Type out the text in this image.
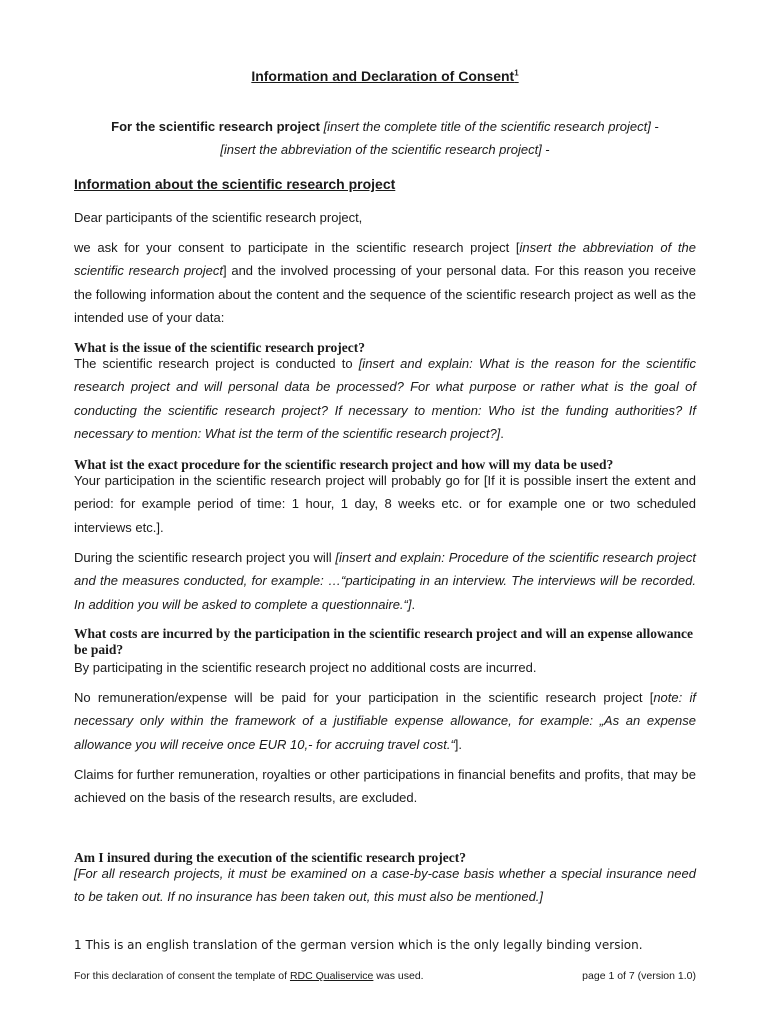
Information and Declaration of Consent$^1$
For the scientific research project [insert the complete title of the scientific research project] -
[insert the abbreviation of the scientific research project] -
Information about the scientific research project
Dear participants of the scientific research project,
we ask for your consent to participate in the scientific research project [insert the abbreviation of the scientific research project] and the involved processing of your personal data. For this reason you receive the following information about the content and the sequence of the scientific research project as well as the intended use of your data:
What is the issue of the scientific research project?
The scientific research project is conducted to [insert and explain: What is the reason for the scientific research project and will personal data be processed? For what purpose or rather what is the goal of conducting the scientific research project? If necessary to mention: Who ist the funding authorities? If necessary to mention: What ist the term of the scientific research project?].
What ist the exact procedure for the scientific research project and how will my data be used?
Your participation in the scientific research project will probably go for [If it is possible insert the extent and period: for example period of time: 1 hour, 1 day, 8 weeks etc. or for example one or two scheduled interviews etc.].
During the scientific research project you will [insert and explain: Procedure of the scientific research project and the measures conducted, for example: …“participating in an interview. The interviews will be recorded. In addition you will be asked to complete a questionnaire.“].
What costs are incurred by the participation in the scientific research project and will an expense allowance be paid?
By participating in the scientific research project no additional costs are incurred.
No remuneration/expense will be paid for your participation in the scientific research project [note: if necessary only within the framework of a justifiable expense allowance, for example: „As an expense allowance you will receive once EUR 10,- for accruing travel cost.“].
Claims for further remuneration, royalties or other participations in financial benefits and profits, that may be achieved on the basis of the research results, are excluded.
Am I insured during the execution of the scientific research project?
[For all research projects, it must be examined on a case-by-case basis whether a special insurance need to be taken out. If no insurance has been taken out, this must also be mentioned.]
1 This is an english translation of the german version which is the only legally binding version.
For this declaration of consent the template of RDC Qualiservice was used.	page 1 of 7 (version 1.0)
